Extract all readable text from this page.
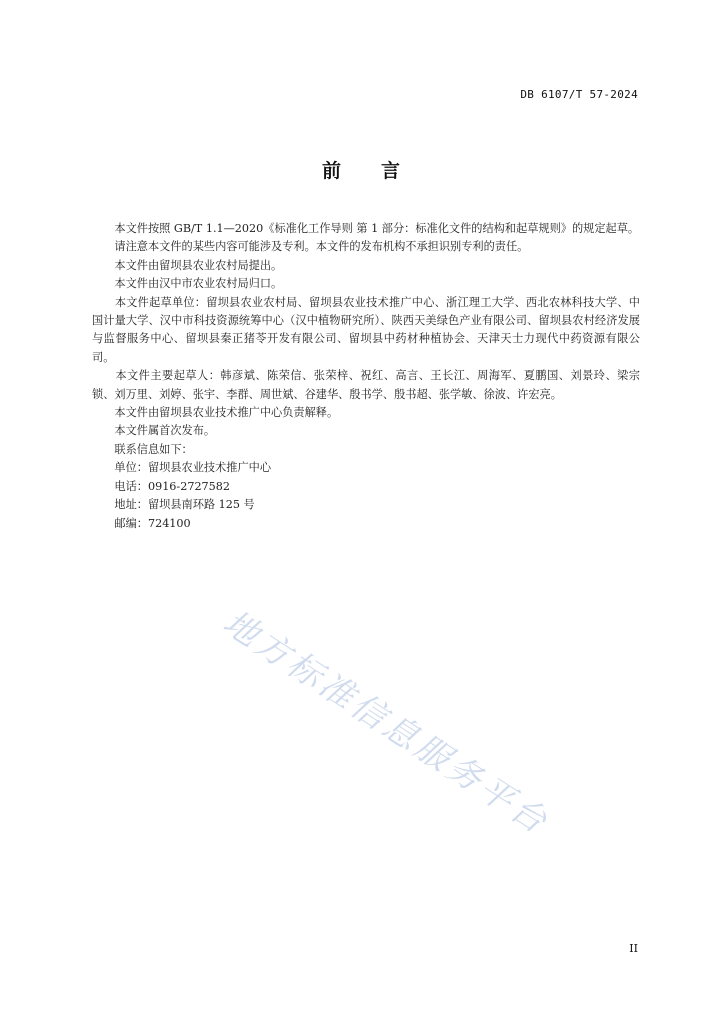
DB 6107/T 57-2024
前 言

　　本文件按照 GB/T 1.1—2020《标准化工作导则 第 1 部分：标准化文件的结构和起草规则》的规定起草。

　　请注意本文件的某些内容可能涉及专利。本文件的发布机构不承担识别专利的责任。

　　本文件由留坝县农业农村局提出。

　　本文件由汉中市农业农村局归口。

　　本文件起草单位：留坝县农业农村局、留坝县农业技术推广中心、浙江理工大学、西北农林科技大学、中国计量大学、汉中市科技资源统筹中心（汉中植物研究所）、陕西天美绿色产业有限公司、留坝县农村经济发展与监督服务中心、留坝县秦正猪苓开发有限公司、留坝县中药材种植协会、天津天士力现代中药资源有限公司。

　　本文件主要起草人：韩彦斌、陈荣信、张荣梓、祝红、高言、王长江、周海军、夏鹏国、刘景玲、梁宗锁、刘万里、刘婷、张宇、李群、周世斌、谷建华、殷书学、殷书超、张学敏、徐波、许宏亮。

　　本文件由留坝县农业技术推广中心负责解释。

　　本文件属首次发布。

　　联系信息如下：

　　单位：留坝县农业技术推广中心

　　电话：0916-2727582

　　地址：留坝县南环路 125 号

　　邮编：724100

地方标准信息服务平台
II
